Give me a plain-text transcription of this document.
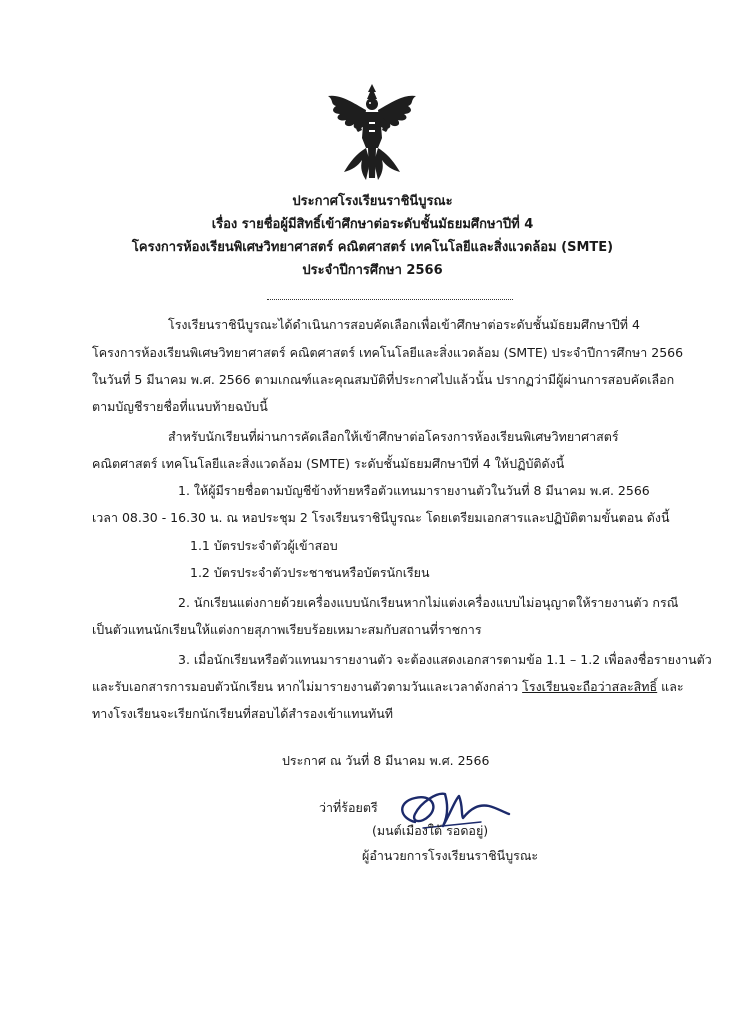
ประกาศโรงเรียนราชินีบูรณะ
เรื่อง รายชื่อผู้มีสิทธิ์เข้าศึกษาต่อระดับชั้นมัธยมศึกษาปีที่ 4
โครงการห้องเรียนพิเศษวิทยาศาสตร์ คณิตศาสตร์ เทคโนโลยีและสิ่งแวดล้อม (SMTE)
ประจำปีการศึกษา 2566
โรงเรียนราชินีบูรณะได้ดำเนินการสอบคัดเลือกเพื่อเข้าศึกษาต่อระดับชั้นมัธยมศึกษาปีที่ 4
โครงการห้องเรียนพิเศษวิทยาศาสตร์ คณิตศาสตร์ เทคโนโลยีและสิ่งแวดล้อม (SMTE) ประจำปีการศึกษา 2566
ในวันที่ 5 มีนาคม พ.ศ. 2566 ตามเกณฑ์และคุณสมบัติที่ประกาศไปแล้วนั้น ปรากฏว่ามีผู้ผ่านการสอบคัดเลือก
ตามบัญชีรายชื่อที่แนบท้ายฉบับนี้
สำหรับนักเรียนที่ผ่านการคัดเลือกให้เข้าศึกษาต่อโครงการห้องเรียนพิเศษวิทยาศาสตร์
คณิตศาสตร์ เทคโนโลยีและสิ่งแวดล้อม (SMTE) ระดับชั้นมัธยมศึกษาปีที่ 4 ให้ปฏิบัติดังนี้
1. ให้ผู้มีรายชื่อตามบัญชีข้างท้ายหรือตัวแทนมารายงานตัวในวันที่ 8 มีนาคม พ.ศ. 2566
เวลา 08.30 - 16.30 น. ณ หอประชุม 2 โรงเรียนราชินีบูรณะ โดยเตรียมเอกสารและปฏิบัติตามขั้นตอน ดังนี้
1.1 บัตรประจำตัวผู้เข้าสอบ
1.2 บัตรประจำตัวประชาชนหรือบัตรนักเรียน
2. นักเรียนแต่งกายด้วยเครื่องแบบนักเรียนหากไม่แต่งเครื่องแบบไม่อนุญาตให้รายงานตัว กรณี
เป็นตัวแทนนักเรียนให้แต่งกายสุภาพเรียบร้อยเหมาะสมกับสถานที่ราชการ
3. เมื่อนักเรียนหรือตัวแทนมารายงานตัว จะต้องแสดงเอกสารตามข้อ 1.1 – 1.2 เพื่อลงชื่อรายงานตัว
และรับเอกสารการมอบตัวนักเรียน หากไม่มารายงานตัวตามวันและเวลาดังกล่าว โรงเรียนจะถือว่าสละสิทธิ์ และ
ทางโรงเรียนจะเรียกนักเรียนที่สอบได้สำรองเข้าแทนทันที
ประกาศ ณ วันที่ 8 มีนาคม พ.ศ. 2566
ว่าที่ร้อยตรี
(มนต์เมืองใต้ รอดอยู่)
ผู้อำนวยการโรงเรียนราชินีบูรณะ
